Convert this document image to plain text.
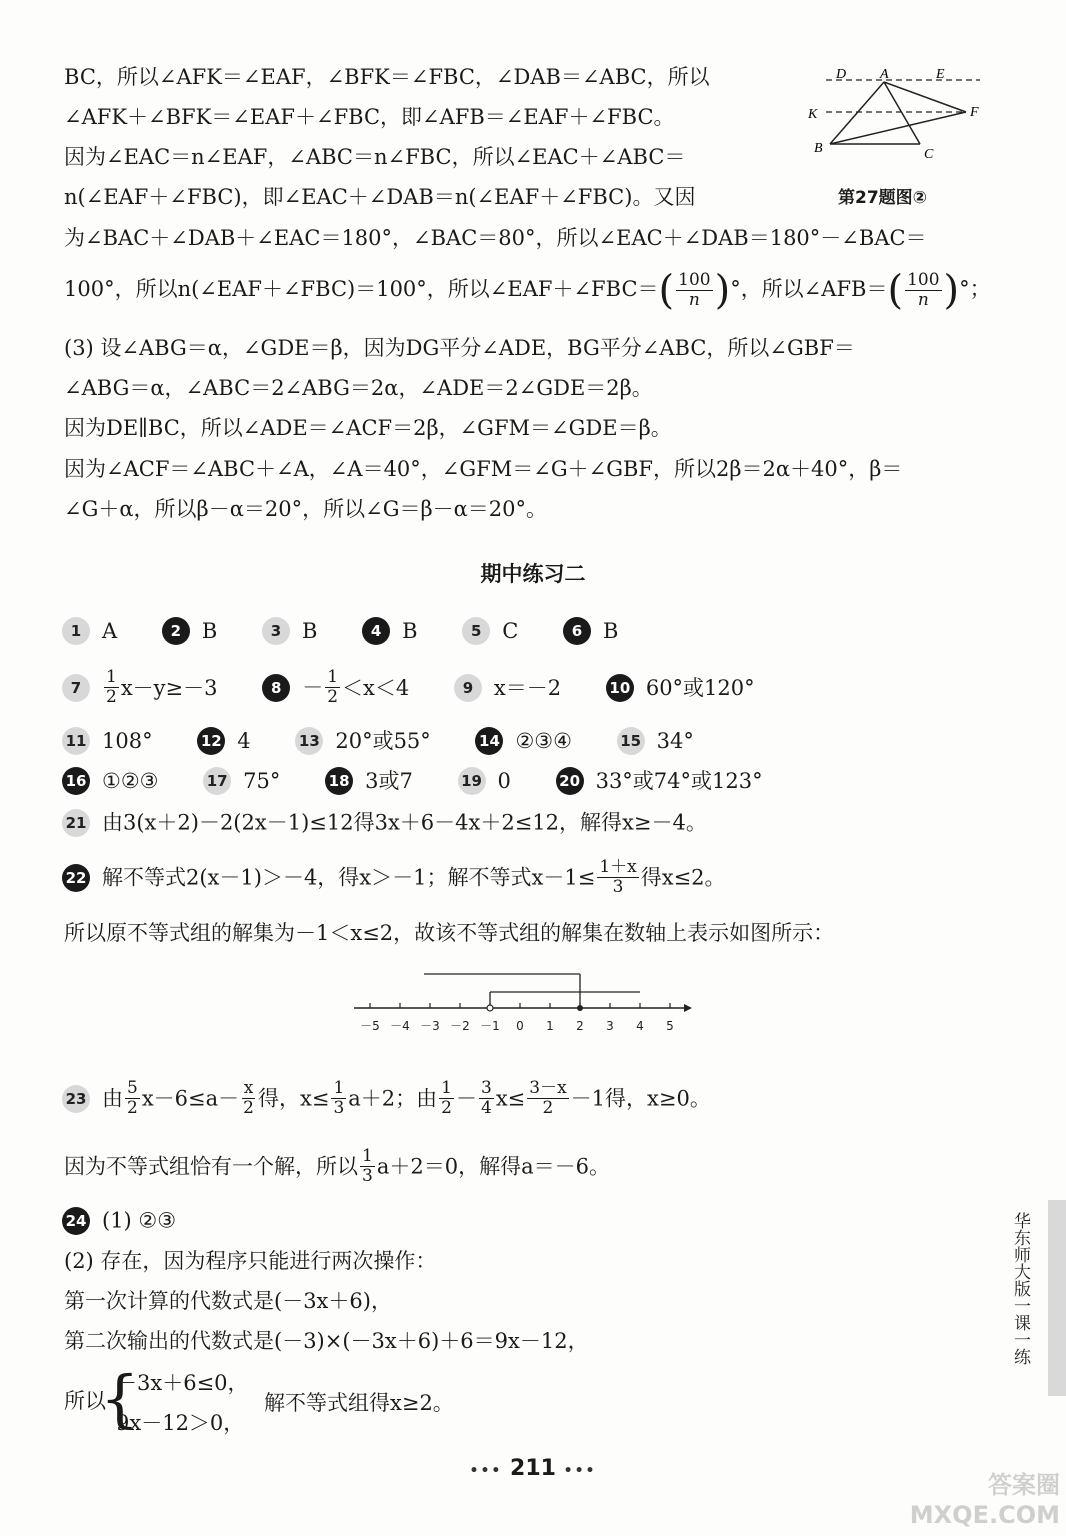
BC，所以∠AFK＝∠EAF，∠BFK＝∠FBC，∠DAB＝∠ABC，所以
∠AFK＋∠BFK＝∠EAF＋∠FBC，即∠AFB＝∠EAF＋∠FBC。
因为∠EAC＝n∠EAF，∠ABC＝n∠FBC，所以∠EAC＋∠ABC＝
n(∠EAF＋∠FBC)，即∠EAC＋∠DAB＝n(∠EAF＋∠FBC)。又因
为∠BAC＋∠DAB＋∠EAC＝180°，∠BAC＝80°，所以∠EAC＋∠DAB＝180°－∠BAC＝
100°，所以n(∠EAF＋∠FBC)＝100°，所以∠EAF＋∠FBC＝( $\frac{100}{n}$ )°，所以∠AFB＝( $\frac{100}{n}$ )°；
(3) 设∠ABG＝α，∠GDE＝β，因为DG平分∠ADE，BG平分∠ABC，所以∠GBF＝
∠ABG＝α，∠ABC＝2∠ABG＝2α，∠ADE＝2∠GDE＝2β。
因为DE∥BC，所以∠ADE＝∠ACF＝2β，∠GFM＝∠GDE＝β。
因为∠ACF＝∠ABC＋∠A，∠A＝40°，∠GFM＝∠G＋∠GBF，所以2β＝2α＋40°，β＝
∠G＋α，所以β－α＝20°，所以∠G＝β－α＝20°。
D A	E
K	F
B	C
第27题图②
期中练习二
1 A	2 B	3 B	4 B	5 C	6 B
$7 \frac{1}{2} x-y\ge-3$	$8 - \frac{1}{2} <x<4$	9 x＝－2	10 60°或120°
11 108°	12 4	13 20°或55°	14 ②③④	15 34°
16 ①②③	17 75°	18 3或7	19 0	20 33°或74°或123°
21 由3(x＋2)－2(2x－1)≤12得3x＋6－4x＋2≤12，解得x≥－4。
22 解不等式2(x－1)＞－4，得x＞－1；解不等式$x-1\le \frac{1+x}{3}$ 得x≤2。
所以原不等式组的解集为－1＜x≤2，故该不等式组的解集在数轴上表示如图所示：
－5 －4 －3 －2 －1 0 1 2 3 4 5
23 由 $\frac{5}{2} x-6\le a- \frac{x}{2}$ 得，$x\le \frac{1}{3} a+2$；由 $\frac{1}{2} - \frac{3}{4} x\le \frac{3-x}{2} -1$得，x≥0。
因为不等式组恰有一个解，所以 $\frac{1}{3} a+2=0$，解得a＝－6。
24 (1) ②③
(2) 存在，因为程序只能进行两次操作：
第一次计算的代数式是(－3x＋6)，
第二次输出的代数式是(－3)×(－3x＋6)＋6＝9x－12，
所以
{
－3x＋6≤0，
9x－12＞0，
解不等式组得x≥2。
华东师大版一课一练
••• 211 •••	答案圈 MXQE.COM
